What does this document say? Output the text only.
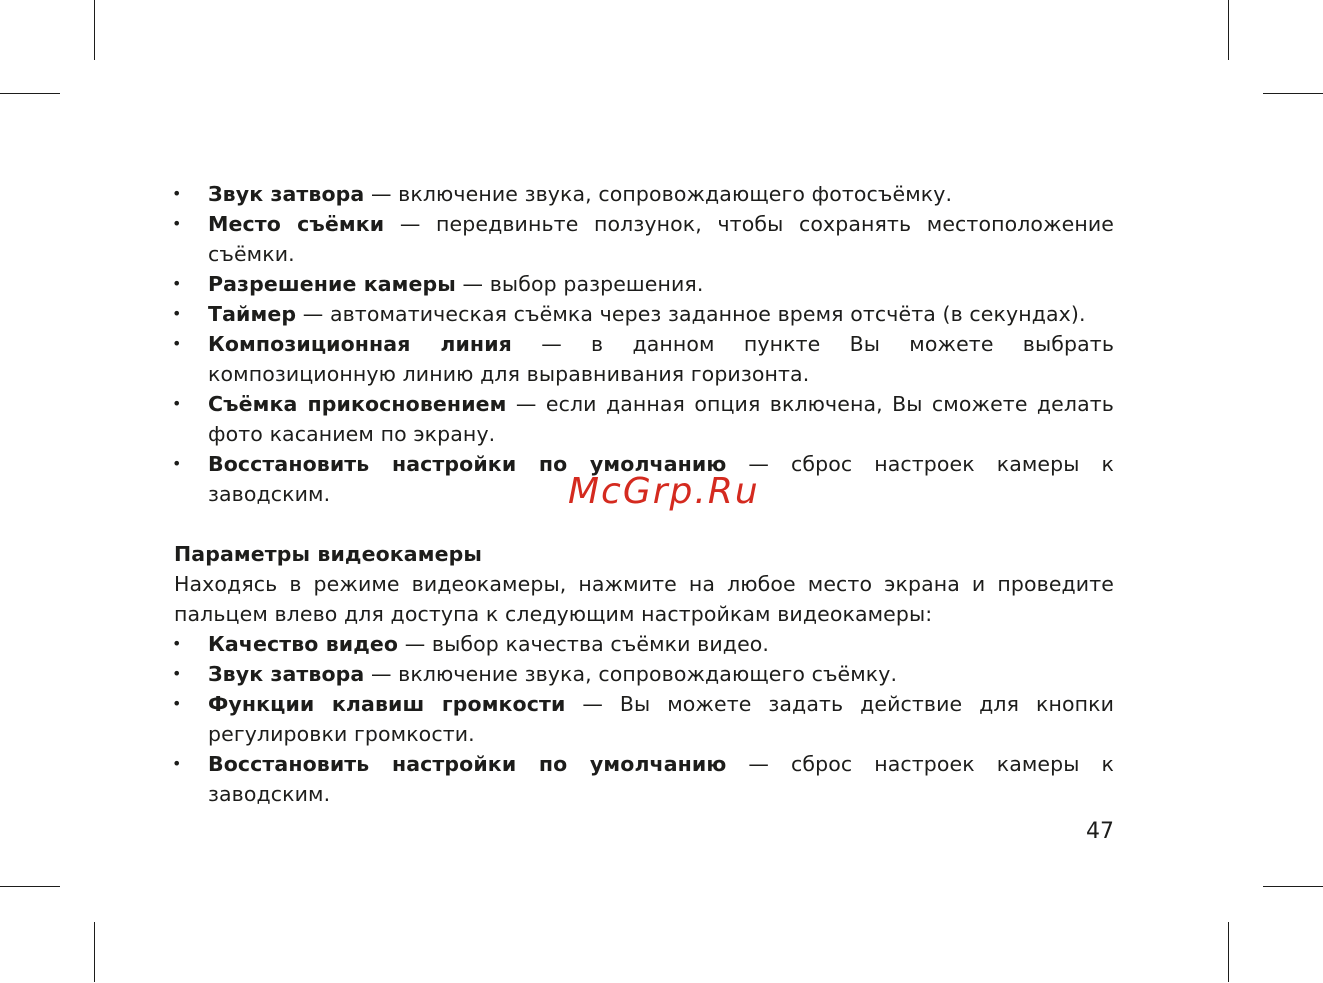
• Звук затвора — включение звука, сопровождающего фотосъёмку.
• Место съёмки — передвиньте ползунок, чтобы сохранять местоположение съёмки.
• Разрешение камеры — выбор разрешения.
• Таймер — автоматическая съёмка через заданное время отсчёта (в секундах).
• Композиционная линия — в данном пункте Вы можете выбрать композиционную линию для выравнивания горизонта.
• Съёмка прикосновением — если данная опция включена, Вы сможете делать фото касанием по экрану.
• Восстановить настройки по умолчанию — сброс настроек камеры к заводским.

Параметры видеокамеры

Находясь в режиме видеокамеры, нажмите на любое место экрана и проведите пальцем влево для доступа к следующим настройкам видеокамеры:

• Качество видео — выбор качества съёмки видео.
• Звук затвора — включение звука, сопровождающего съёмку.
• Функции клавиш громкости — Вы можете задать действие для кнопки регулировки громкости.
• Восстановить настройки по умолчанию — сброс настроек камеры к заводским.
47
McGrp.Ru
